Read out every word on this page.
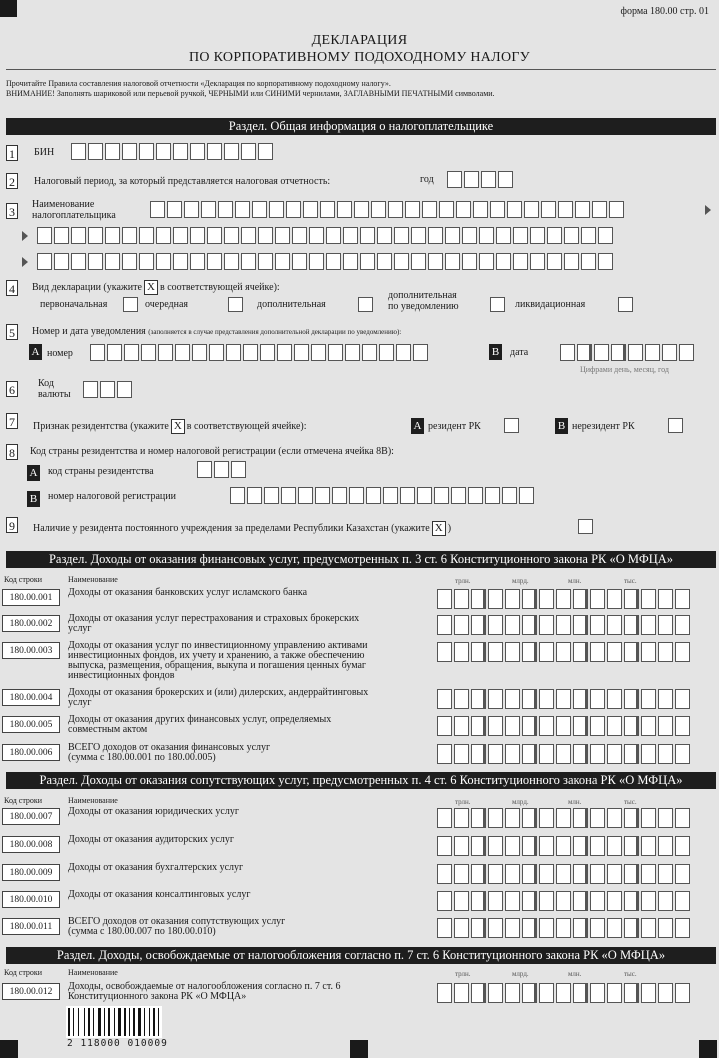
форма 180.00 стр. 01
ДЕКЛАРАЦИЯ
ПО КОРПОРАТИВНОМУ ПОДОХОДНОМУ НАЛОГУ
Прочитайте Правила составления налоговой отчетности «Декларация по корпоративному подоходному налогу».
ВНИМАНИЕ! Заполнять шариковой или перьевой ручкой, ЧЕРНЫМИ или СИНИМИ чернилами, ЗАГЛАВНЫМИ ПЕЧАТНЫМИ символами.
Раздел. Общая информация о налогоплательщике
1	БИН
2	Налоговый период, за который представляется налоговая отчетность:	год
3
Наименование
налогоплательщика
4	Вид декларации (укажите X в соответствующей ячейке):
первоначальная	очередная	дополнительная
дополнительная
по уведомлению	ликвидационная
5	Номер и дата уведомления (заполняется в случае представления дополнительной декларации по уведомлению):
A номер	B дата
Цифрами день, месяц, год
6	Код
валюты
7	Признак резидентства (укажите X в соответствующей ячейке):	A резидент РК	B нерезидент РК
8	Код страны резидентства и номер налоговой регистрации (если отмечена ячейка 8В):
A код страны резидентства
B номер налоговой регистрации
9	Наличие у резидента постоянного учреждения за пределами Республики Казахстан (укажите X )
Раздел. Доходы от оказания финансовых услуг, предусмотренных п. 3 ст. 6 Конституционного закона РК «О МФЦА»
Код строки	Наименование	трлн.	млрд.	млн.	тыс.
180.00.001	Доходы от оказания банковских услуг исламского банка
180.00.002	Доходы от оказания услуг перестрахования и страховых брокерских
услуг
180.00.003	Доходы от оказания услуг по инвестиционному управлению активами
инвестиционных фондов, их учету и хранению, а также обеспечению
выпуска, размещения, обращения, выкупа и погашения ценных бумаг
инвестиционных фондов
180.00.004	Доходы от оказания брокерских и (или) дилерских, андеррайтинговых
услуг
180.00.005	Доходы от оказания других финансовых услуг, определяемых
совместным актом
180.00.006	ВСЕГО доходов от оказания финансовых услуг
(сумма с 180.00.001 по 180.00.005)
Раздел. Доходы от оказания сопутствующих услуг, предусмотренных п. 4 ст. 6 Конституционного закона РК «О МФЦА»
Код строки	Наименование	трлн.	млрд.	млн.	тыс.
180.00.007	Доходы от оказания юридических услуг
180.00.008	Доходы от оказания аудиторских услуг
180.00.009	Доходы от оказания бухгалтерских услуг
180.00.010	Доходы от оказания консалтинговых услуг
180.00.011	ВСЕГО доходов от оказания сопутствующих услуг
(сумма с 180.00.007 по 180.00.010)
Раздел. Доходы, освобождаемые от налогообложения согласно п. 7 ст. 6 Конституционного закона РК «О МФЦА»
Код строки	Наименование	трлн.	млрд.	млн.	тыс.
180.00.012	Доходы, освобождаемые от налогообложения согласно п. 7 ст. 6
Конституционного закона РК «О МФЦА»
2 118000 010009
